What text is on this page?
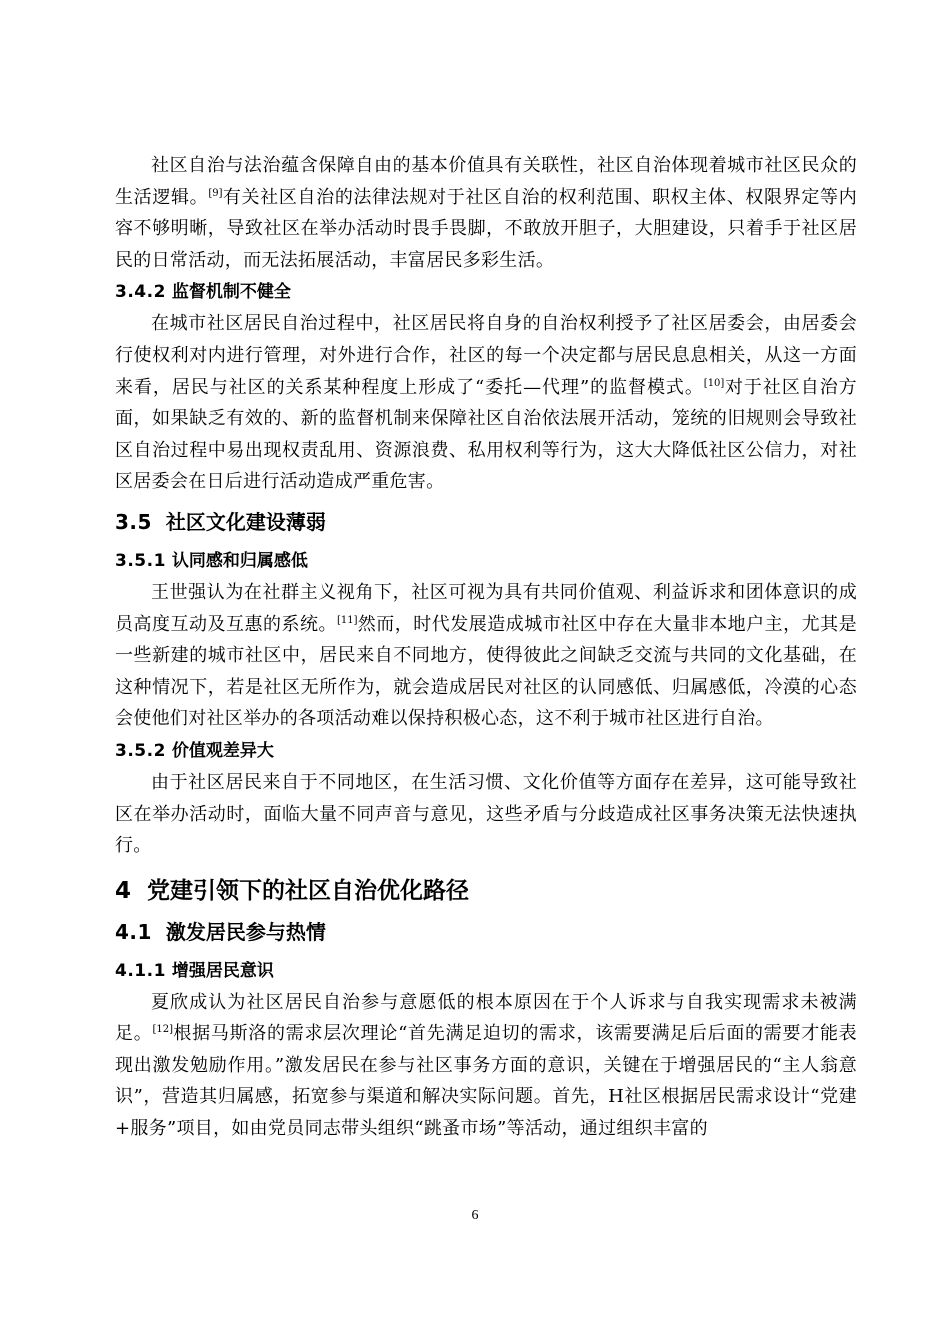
社区自治与法治蕴含保障自由的基本价值具有关联性，社区自治体现着城市社区民众的生活逻辑。[9]有关社区自治的法律法规对于社区自治的权利范围、职权主体、权限界定等内容不够明晰，导致社区在举办活动时畏手畏脚，不敢放开胆子，大胆建设，只着手于社区居民的日常活动，而无法拓展活动，丰富居民多彩生活。

3.4.2 监督机制不健全

在城市社区居民自治过程中，社区居民将自身的自治权利授予了社区居委会，由居委会行使权利对内进行管理，对外进行合作，社区的每一个决定都与居民息息相关，从这一方面来看，居民与社区的关系某种程度上形成了“委托—代理”的监督模式。[10]对于社区自治方面，如果缺乏有效的、新的监督机制来保障社区自治依法展开活动，笼统的旧规则会导致社区自治过程中易出现权责乱用、资源浪费、私用权利等行为，这大大降低社区公信力，对社区居委会在日后进行活动造成严重危害。

3.5 社区文化建设薄弱
3.5.1 认同感和归属感低

王世强认为在社群主义视角下，社区可视为具有共同价值观、利益诉求和团体意识的成员高度互动及互惠的系统。[11]然而，时代发展造成城市社区中存在大量非本地户主，尤其是一些新建的城市社区中，居民来自不同地方，使得彼此之间缺乏交流与共同的文化基础，在这种情况下，若是社区无所作为，就会造成居民对社区的认同感低、归属感低，冷漠的心态会使他们对社区举办的各项活动难以保持积极心态，这不利于城市社区进行自治。

3.5.2 价值观差异大

由于社区居民来自于不同地区，在生活习惯、文化价值等方面存在差异，这可能导致社区在举办活动时，面临大量不同声音与意见，这些矛盾与分歧造成社区事务决策无法快速执行。

4 党建引领下的社区自治优化路径
4.1 激发居民参与热情
4.1.1 增强居民意识

夏欣成认为社区居民自治参与意愿低的根本原因在于个人诉求与自我实现需求未被满足。[12]根据马斯洛的需求层次理论“首先满足迫切的需求，该需要满足后后面的需要才能表现出激发勉励作用。”激发居民在参与社区事务方面的意识，关键在于增强居民的“主人翁意识”，营造其归属感，拓宽参与渠道和解决实际问题。首先，H社区根据居民需求设计“党建+服务”项目，如由党员同志带头组织“跳蚤市场”等活动，通过组织丰富的

6
